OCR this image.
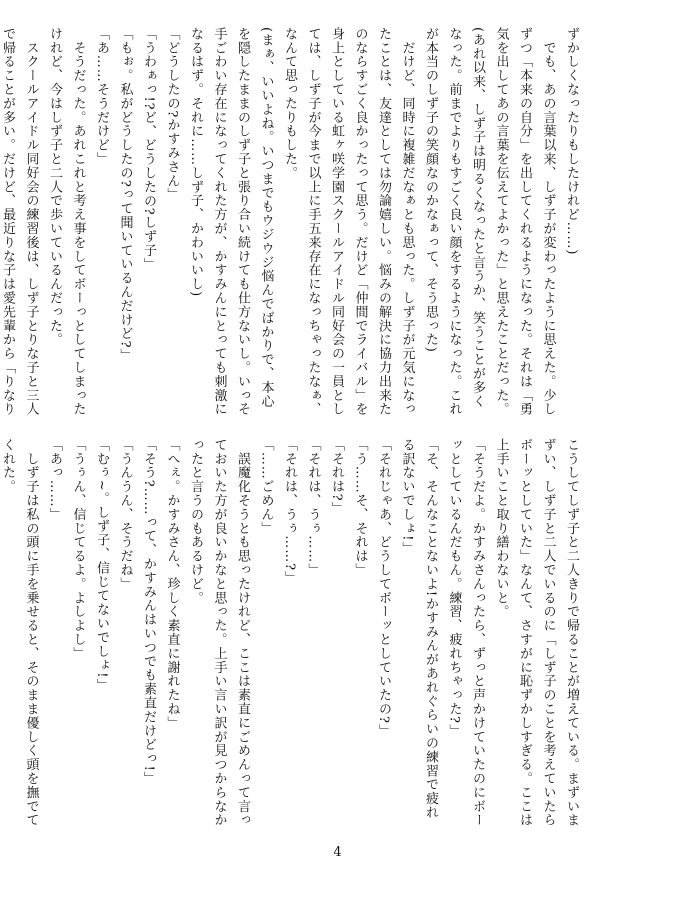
ずかしくなったりもしたけれど……)
　でも、あの言葉以来、しず子が変わったように思えた。少し
ずつ「本来の自分」を出してくれるようになった。それは「勇
気を出してあの言葉を伝えてよかった」と思えたことだった。
(あれ以来、しず子は明るくなったと言うか、笑うことが多く
なった。前までよりもすごく良い顔をするようになった。これ
が本当のしず子の笑顔なのかなぁって、そう思った)
　だけど、同時に複雑だなぁとも思った。しず子が元気になっ
たことは、友達としては勿論嬉しい。悩みの解決に協力出来た
のならすごく良かったって思う。だけど「仲間でライバル」を
身上としている虹ヶ咲学園スクールアイドル同好会の一員とし
ては、しず子が今まで以上に手五来存在になっちゃったなぁ、
なんて思ったりもした。
(まぁ、いいよね。いつまでもウジウジ悩んでばかりで、本心
を隠したままのしず子と張り合い続けても仕方ないし。いっそ
手ごわい存在になってくれた方が、かすみんにとっても刺激に
なるはず。それに……しず子、かわいいし)
「どうしたの?かすみさん」
「うわぁっ!?ど、どうしたの?しず子」
「もぉ。私がどうしたの?って聞いているんだけど?」
「あ……そうだけど」
　そうだった。あれこれと考え事をしてボーっとしてしまった
けれど、今はしず子と二人で歩いているんだった。
　スクールアイドル同好会の練習後は、しず子とりな子と三人
で帰ることが多い。だけど、最近りな子は愛先輩から「りなり
こうしてしず子と二人きりで帰ることが増えている。まずいま
ずい、しず子と二人でいるのに「しず子のことを考えていたら
ボーッとしていた」なんて、さすがに恥ずかしすぎる。ここは
上手いこと取り繕わないと。
「そうだよ。かすみさんったら、ずっと声かけていたのにボー
ッとしているんだもん。練習、疲れちゃった?」
「そ、そんなことないよ!かすみんがあれぐらいの練習で疲れ
る訳ないでしょ!」
「それじゃあ、どうしてボーッとしていたの?」
「う……そ、それは」
「それは?」
「それは、うぅ……」
「それは、うぅ……?」
「……ごめん」
　誤魔化そうとも思ったけれど、ここは素直にごめんって言っ
ておいた方が良いかなと思った。上手い言い訳が見つからなか
ったと言うのもあるけど。
「へぇ。かすみさん、珍しく素直に謝れたね」
「そう?……って、かすみんはいつでも素直だけどっ!」
「うんうん、そうだね」
「むぅ~。しず子、信じてないでしょ!」
「うぅん、信じてるよ。よしよし」
「あっ……」
　しず子は私の頭に手を乗せると、そのまま優しく頭を撫でて
くれた。
4
